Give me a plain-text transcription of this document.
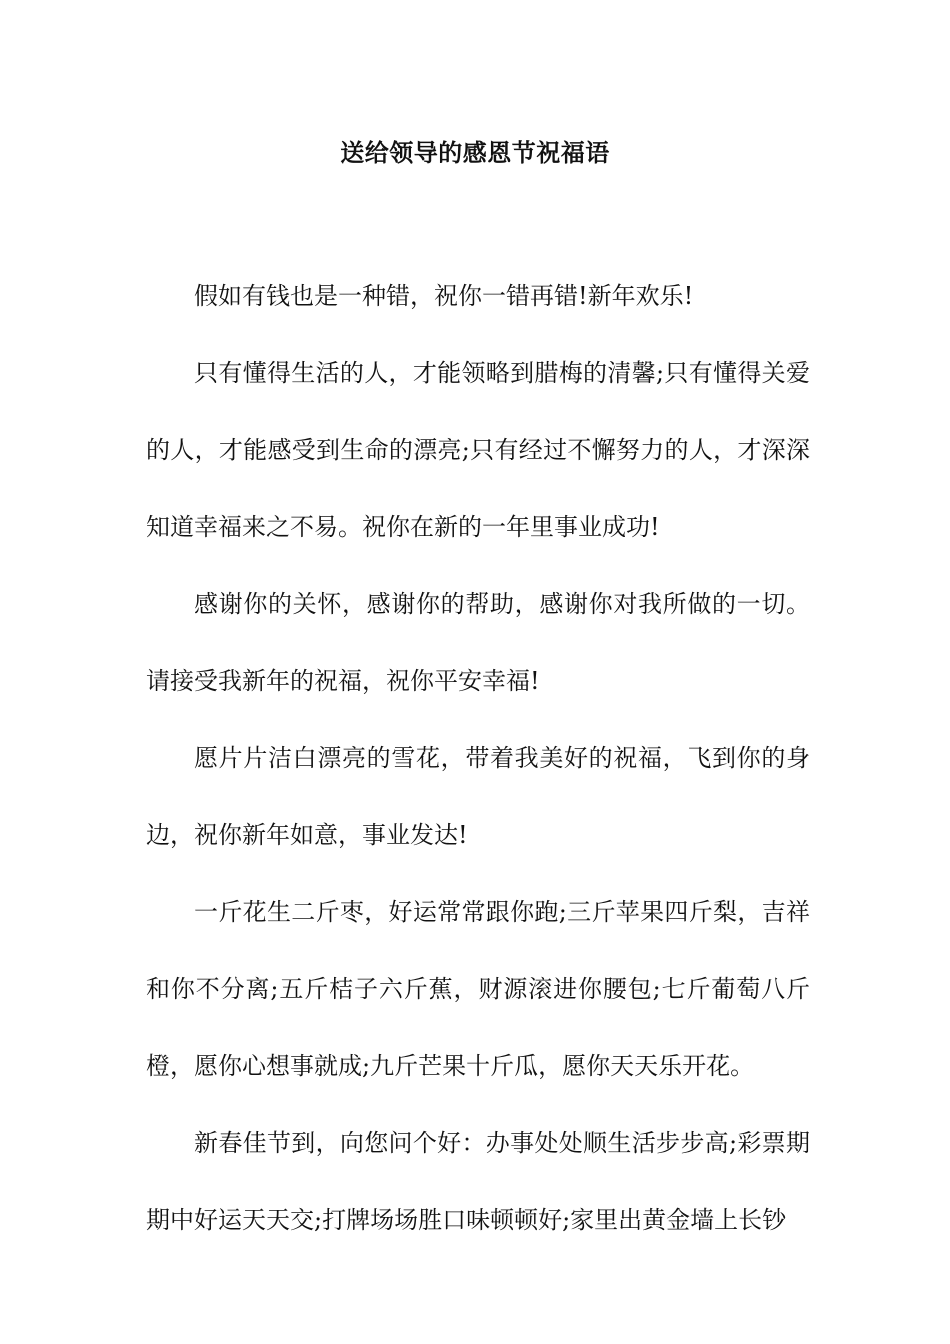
送给领导的感恩节祝福语

假如有钱也是一种错，祝你一错再错!新年欢乐!

只有懂得生活的人，才能领略到腊梅的清馨;只有懂得关爱的人，才能感受到生命的漂亮;只有经过不懈努力的人，才深深知道幸福来之不易。祝你在新的一年里事业成功!

感谢你的关怀，感谢你的帮助，感谢你对我所做的一切。请接受我新年的祝福，祝你平安幸福!

愿片片洁白漂亮的雪花，带着我美好的祝福，飞到你的身边，祝你新年如意，事业发达!

一斤花生二斤枣，好运常常跟你跑;三斤苹果四斤梨，吉祥和你不分离;五斤桔子六斤蕉，财源滚进你腰包;七斤葡萄八斤橙，愿你心想事就成;九斤芒果十斤瓜，愿你天天乐开花。

新春佳节到，向您问个好：办事处处顺生活步步高;彩票期期中好运天天交;打牌场场胜口味顿顿好;家里出黄金墙上长钞
